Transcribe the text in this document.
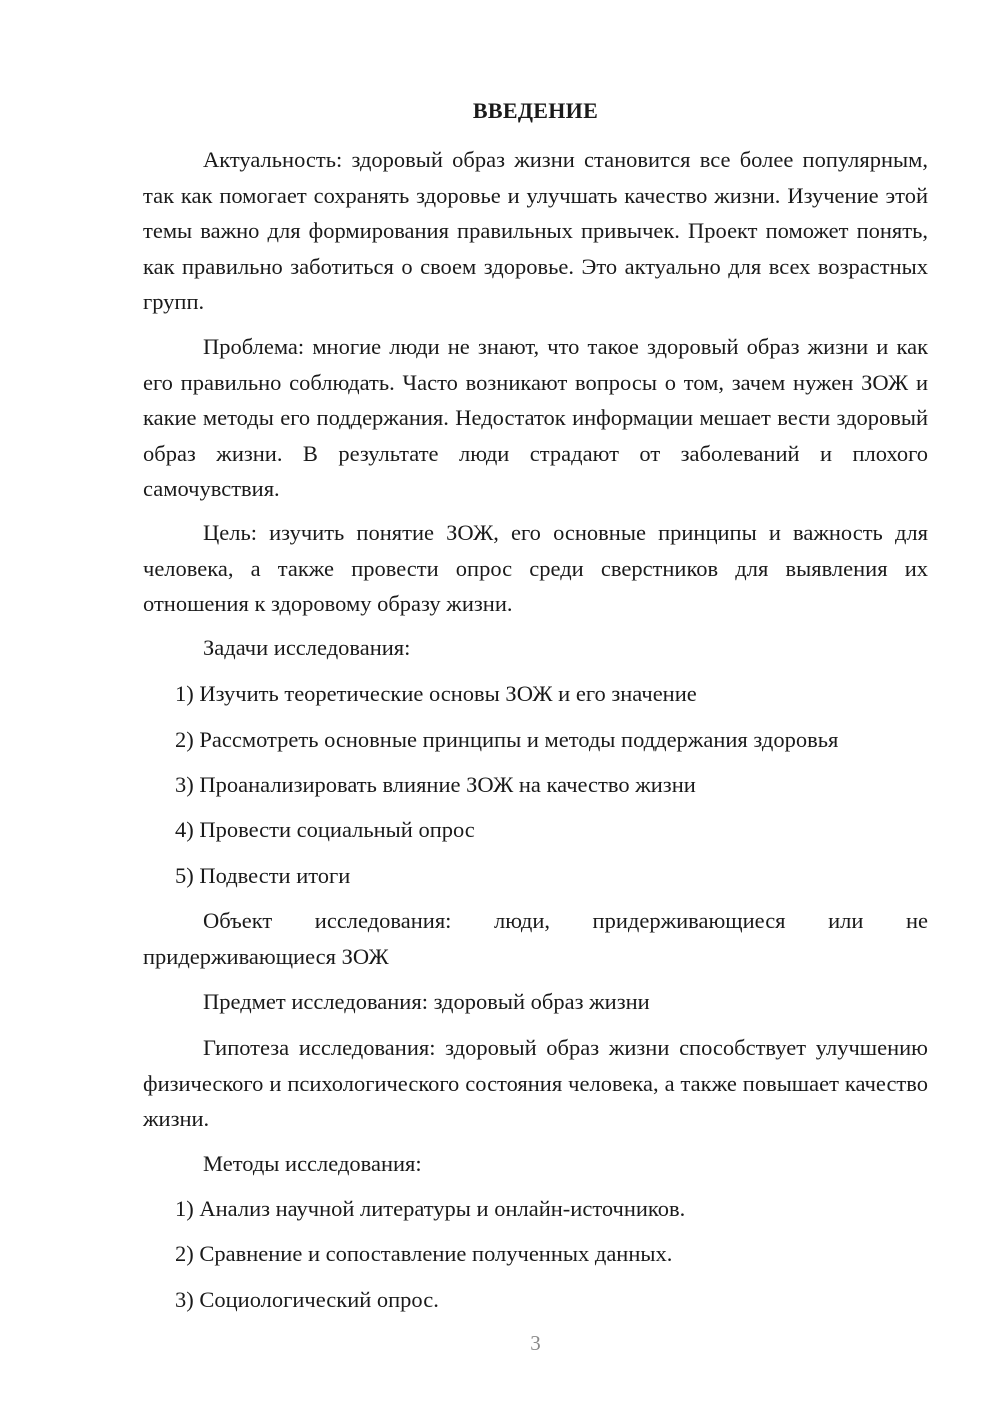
ВВЕДЕНИЕ

Актуальность: здоровый образ жизни становится все более популярным, так как помогает сохранять здоровье и улучшать качество жизни. Изучение этой темы важно для формирования правильных привычек. Проект поможет понять, как правильно заботиться о своем здоровье. Это актуально для всех возрастных групп.

Проблема: многие люди не знают, что такое здоровый образ жизни и как его правильно соблюдать. Часто возникают вопросы о том, зачем нужен ЗОЖ и какие методы его поддержания. Недостаток информации мешает вести здоровый образ жизни. В результате люди страдают от заболеваний и плохого самочувствия.

Цель: изучить понятие ЗОЖ, его основные принципы и важность для человека, а также провести опрос среди сверстников для выявления их отношения к здоровому образу жизни.

Задачи исследования:

1) Изучить теоретические основы ЗОЖ и его значение

2) Рассмотреть основные принципы и методы поддержания здоровья

3) Проанализировать влияние ЗОЖ на качество жизни

4) Провести социальный опрос

5) Подвести итоги

Объект исследования: люди, придерживающиеся или не придерживающиеся ЗОЖ

Предмет исследования: здоровый образ жизни

Гипотеза исследования: здоровый образ жизни способствует улучшению физического и психологического состояния человека, а также повышает качество жизни.

Методы исследования:

1) Анализ научной литературы и онлайн-источников.

2) Сравнение и сопоставление полученных данных.

3) Социологический опрос.

3
